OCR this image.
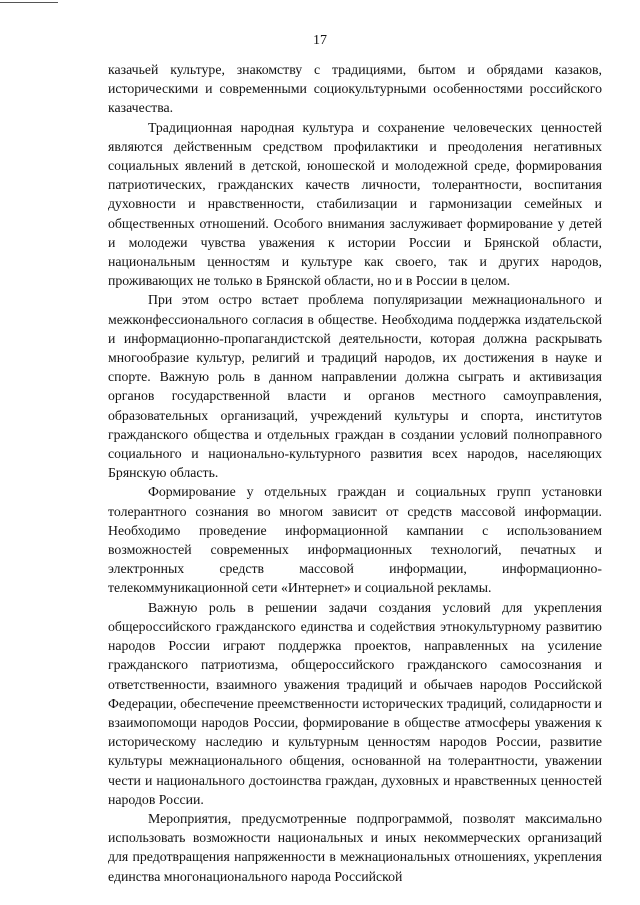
17

казачьей культуре, знакомству с традициями, бытом и обрядами казаков, историческими и современными социокультурными особенностями российского казачества.

Традиционная народная культура и сохранение человеческих ценностей являются действенным средством профилактики и преодоления негативных социальных явлений в детской, юношеской и молодежной среде, формирования патриотических, гражданских качеств личности, толерантности, воспитания духовности и нравственности, стабилизации и гармонизации семейных и общественных отношений. Особого внимания заслуживает формирование у детей и молодежи чувства уважения к истории России и Брянской области, национальным ценностям и культуре как своего, так и других народов, проживающих не только в Брянской области, но и в России в целом.

При этом остро встает проблема популяризации межнационального и межконфессионального согласия в обществе. Необходима поддержка издательской и информационно-пропагандистской деятельности, которая должна раскрывать многообразие культур, религий и традиций народов, их достижения в науке и спорте. Важную роль в данном направлении должна сыграть и активизация органов государственной власти и органов местного самоуправления, образовательных организаций, учреждений культуры и спорта, институтов гражданского общества и отдельных граждан в создании условий полноправного социального и национально-культурного развития всех народов, населяющих Брянскую область.

Формирование у отдельных граждан и социальных групп установки толерантного сознания во многом зависит от средств массовой информации. Необходимо проведение информационной кампании с использованием возможностей современных информационных технологий, печатных и электронных средств массовой информации, информационно-телекоммуникационной сети «Интернет» и социальной рекламы.

Важную роль в решении задачи создания условий для укрепления общероссийского гражданского единства и содействия этнокультурному развитию народов России играют поддержка проектов, направленных на усиление гражданского патриотизма, общероссийского гражданского самосознания и ответственности, взаимного уважения традиций и обычаев народов Российской Федерации, обеспечение преемственности исторических традиций, солидарности и взаимопомощи народов России, формирование в обществе атмосферы уважения к историческому наследию и культурным ценностям народов России, развитие культуры межнационального общения, основанной на толерантности, уважении чести и национального достоинства граждан, духовных и нравственных ценностей народов России.

Мероприятия, предусмотренные подпрограммой, позволят максимально использовать возможности национальных и иных некоммерческих организаций для предотвращения напряженности в межнациональных отношениях, укрепления единства многонационального народа Российской
